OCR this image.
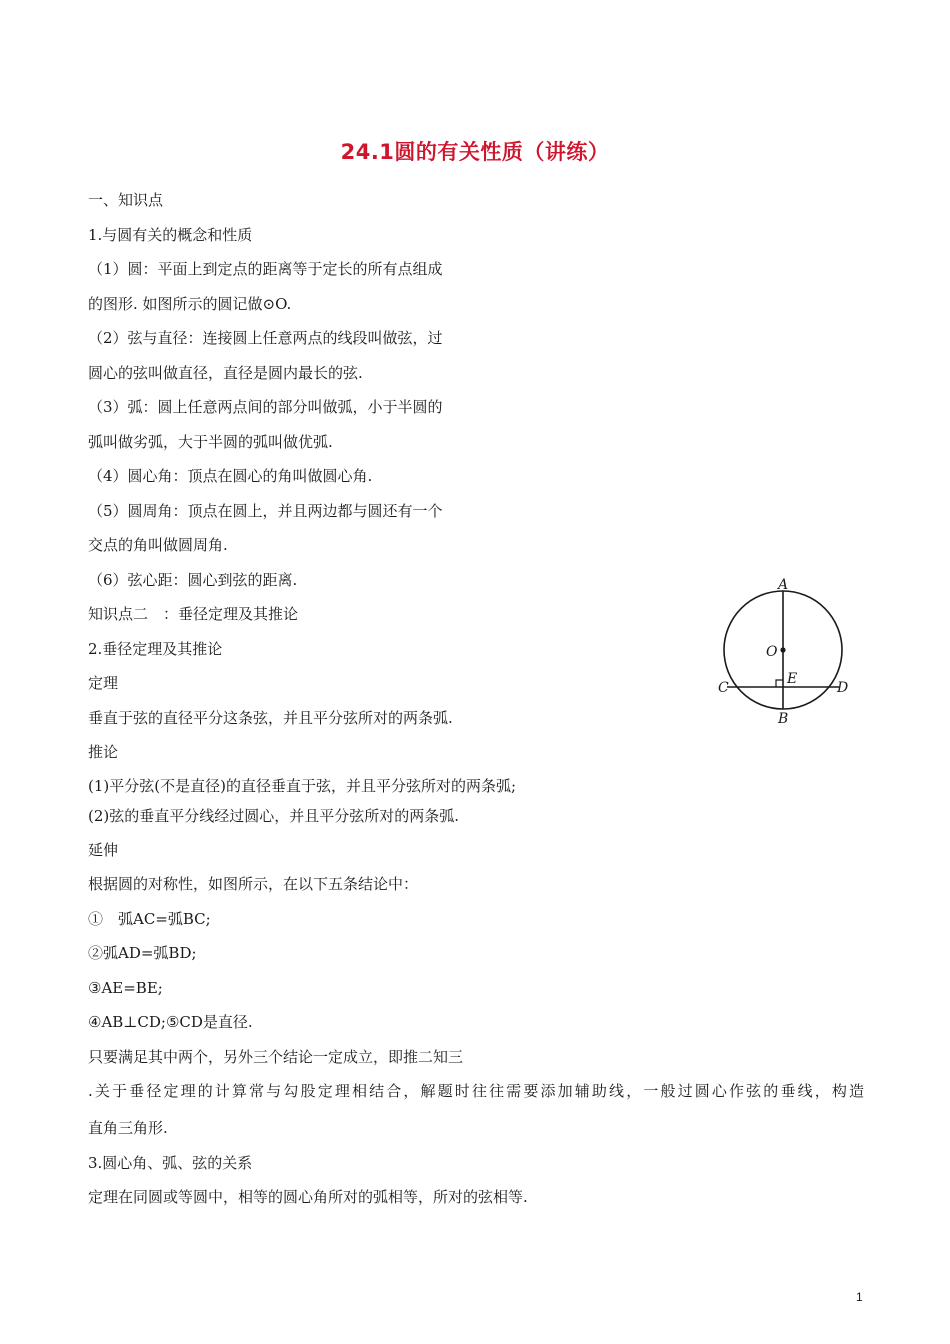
24.1圆的有关性质（讲练）
一、知识点
1.与圆有关的概念和性质
（1）圆：平面上到定点的距离等于定长的所有点组成
的图形. 如图所示的圆记做⊙O.
（2）弦与直径：连接圆上任意两点的线段叫做弦，过
圆心的弦叫做直径，直径是圆内最长的弦.
（3）弧：圆上任意两点间的部分叫做弧，小于半圆的
弧叫做劣弧，大于半圆的弧叫做优弧.
（4）圆心角：顶点在圆心的角叫做圆心角.
（5）圆周角：顶点在圆上，并且两边都与圆还有一个
交点的角叫做圆周角.
（6）弦心距：圆心到弦的距离.
知识点二　：垂径定理及其推论
2.垂径定理及其推论
定理
垂直于弦的直径平分这条弦，并且平分弦所对的两条弧.
推论
(1)平分弦(不是直径)的直径垂直于弦，并且平分弦所对的两条弧;
(2)弦的垂直平分线经过圆心，并且平分弦所对的两条弧.
延伸
根据圆的对称性，如图所示，在以下五条结论中：
①　弧AC=弧BC;
②弧AD=弧BD;
③AE=BE;
④AB⊥CD;⑤CD是直径.
只要满足其中两个，另外三个结论一定成立，即推二知三
.关于垂径定理的计算常与勾股定理相结合，解题时往往需要添加辅助线，一般过圆心作弦的垂线，构造
直角三角形.
3.圆心角、弧、弦的关系
定理在同圆或等圆中，相等的圆心角所对的弧相等，所对的弦相等.
A
O
E
C	D
B
1
